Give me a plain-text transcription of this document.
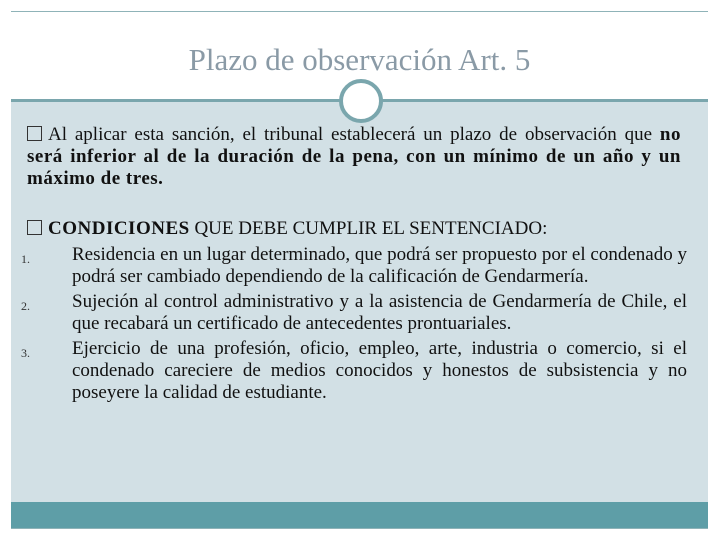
Plazo de observación Art. 5
Al aplicar esta sanción, el tribunal establecerá un plazo de observación que no será inferior al de la duración de la pena, con un mínimo de un año y un máximo de tres.
CONDICIONES QUE DEBE CUMPLIR EL SENTENCIADO:
1. Residencia en un lugar determinado, que podrá ser propuesto por el condenado y podrá ser cambiado dependiendo de la calificación de Gendarmería.
2. Sujeción al control administrativo y a la asistencia de Gendarmería de Chile, el que recabará un certificado de antecedentes prontuariales.
3. Ejercicio de una profesión, oficio, empleo, arte, industria o comercio, si el condenado careciere de medios conocidos y honestos de subsistencia y no poseyere la calidad de estudiante.
